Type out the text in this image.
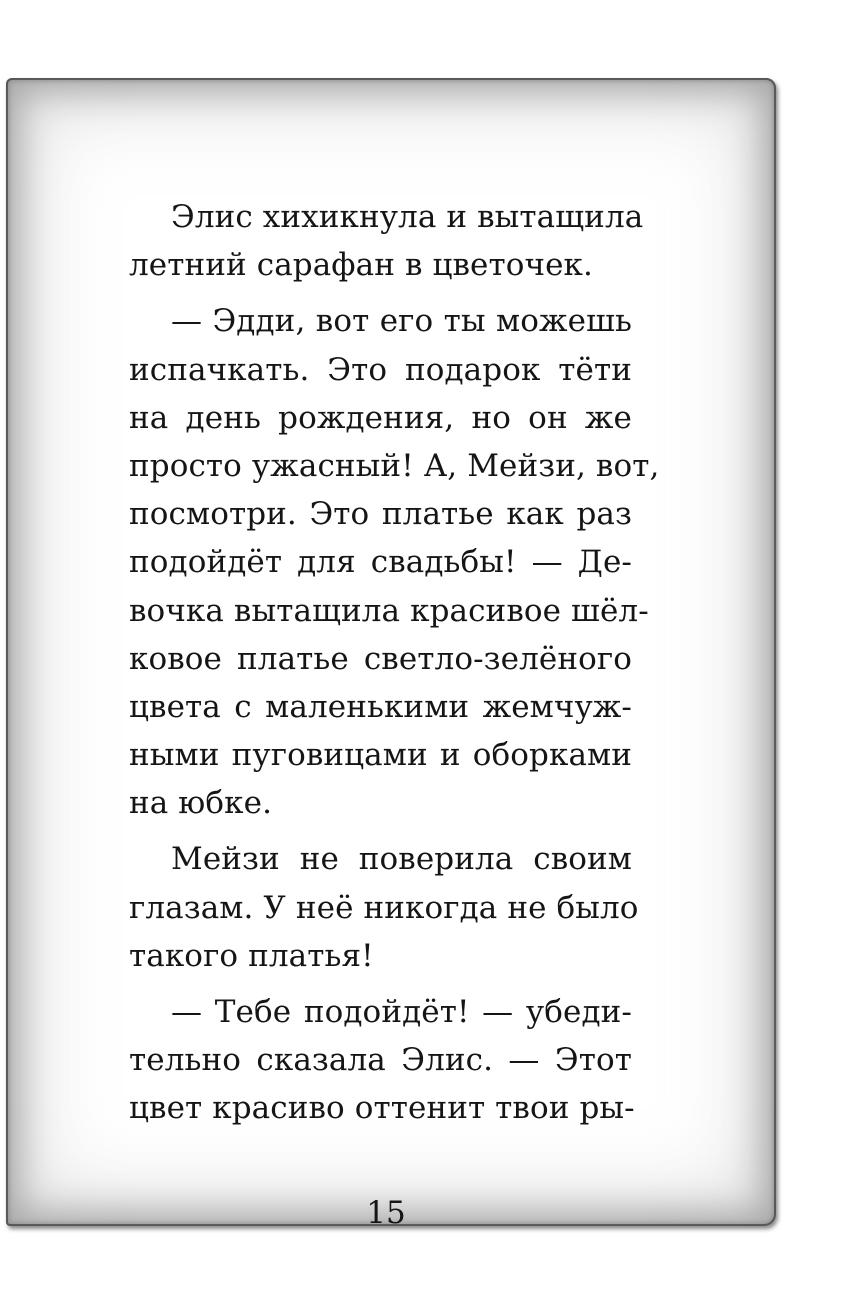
15
Элис хихикнула и вытащила
летний сарафан в цветочек.
— Эдди, вот его ты можешь
испачкать. Это подарок тёти
на день рождения, но он же
просто ужасный! А, Мейзи, вот,
посмотри. Это платье как раз
подойдёт для свадьбы! — Де-
вочка вытащила красивое шёл-
ковое платье светло-зелёного
цвета с маленькими жемчуж-
ными пуговицами и оборками
на юбке.
Мейзи не поверила своим
глазам. У неё никогда не было
такого платья!
— Тебе подойдёт! — убеди-
тельно сказала Элис. — Этот
цвет красиво оттенит твои ры-
